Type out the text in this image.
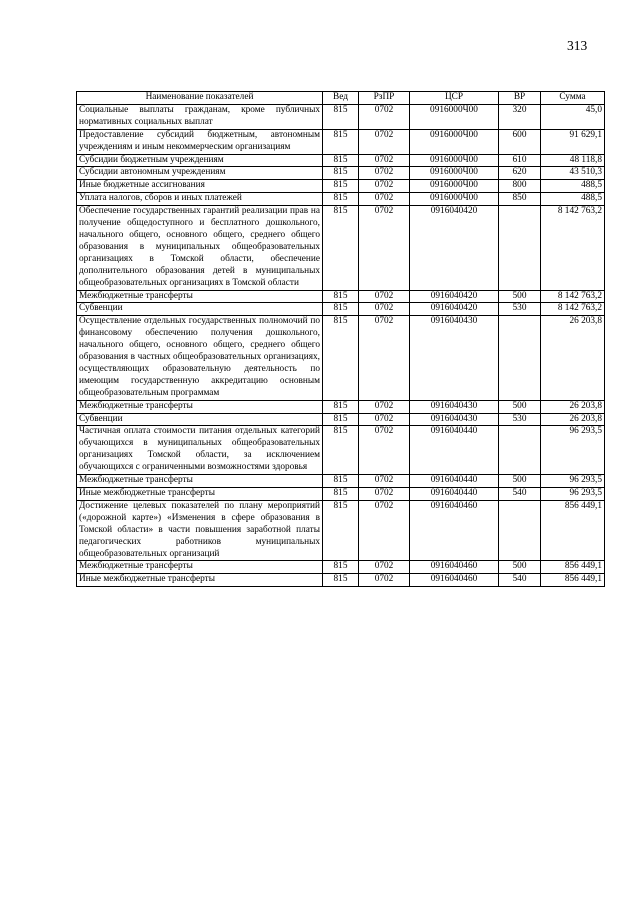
313
Наименование показателей	Вед	РзПР	ЦСР	ВР	Сумма
Социальные выплаты гражданам, кроме публичных нормативных социальных выплат	815	0702	0916000Ч00	320	45,0
Предоставление субсидий бюджетным, автономным учреждениям и иным некоммерческим организациям	815	0702	0916000Ч00	600	91 629,1
Субсидии бюджетным учреждениям	815	0702	0916000Ч00	610	48 118,8
Субсидии автономным учреждениям	815	0702	0916000Ч00	620	43 510,3
Иные бюджетные ассигнования	815	0702	0916000Ч00	800	488,5
Уплата налогов, сборов и иных платежей	815	0702	0916000Ч00	850	488,5
Обеспечение государственных гарантий реализации прав на получение общедоступного и бесплатного дошкольного, начального общего, основного общего, среднего общего образования в муниципальных общеобразовательных организациях в Томской области, обеспечение дополнительного образования детей в муниципальных общеобразовательных организациях в Томской области	815	0702	0916040420		8 142 763,2
Межбюджетные трансферты	815	0702	0916040420	500	8 142 763,2
Субвенции	815	0702	0916040420	530	8 142 763,2
Осуществление отдельных государственных полномочий по финансовому обеспечению получения дошкольного, начального общего, основного общего, среднего общего образования в частных общеобразовательных организациях, осуществляющих образовательную деятельность по имеющим государственную аккредитацию основным общеобразовательным программам	815	0702	0916040430		26 203,8
Межбюджетные трансферты	815	0702	0916040430	500	26 203,8
Субвенции	815	0702	0916040430	530	26 203,8
Частичная оплата стоимости питания отдельных категорий обучающихся в муниципальных общеобразовательных организациях Томской области, за исключением обучающихся с ограниченными возможностями здоровья	815	0702	0916040440		96 293,5
Межбюджетные трансферты	815	0702	0916040440	500	96 293,5
Иные межбюджетные трансферты	815	0702	0916040440	540	96 293,5
Достижение целевых показателей по плану мероприятий («дорожной карте») «Изменения в сфере образования в Томской области» в части повышения заработной платы педагогических работников муниципальных общеобразовательных организаций	815	0702	0916040460		856 449,1
Межбюджетные трансферты	815	0702	0916040460	500	856 449,1
Иные межбюджетные трансферты	815	0702	0916040460	540	856 449,1
